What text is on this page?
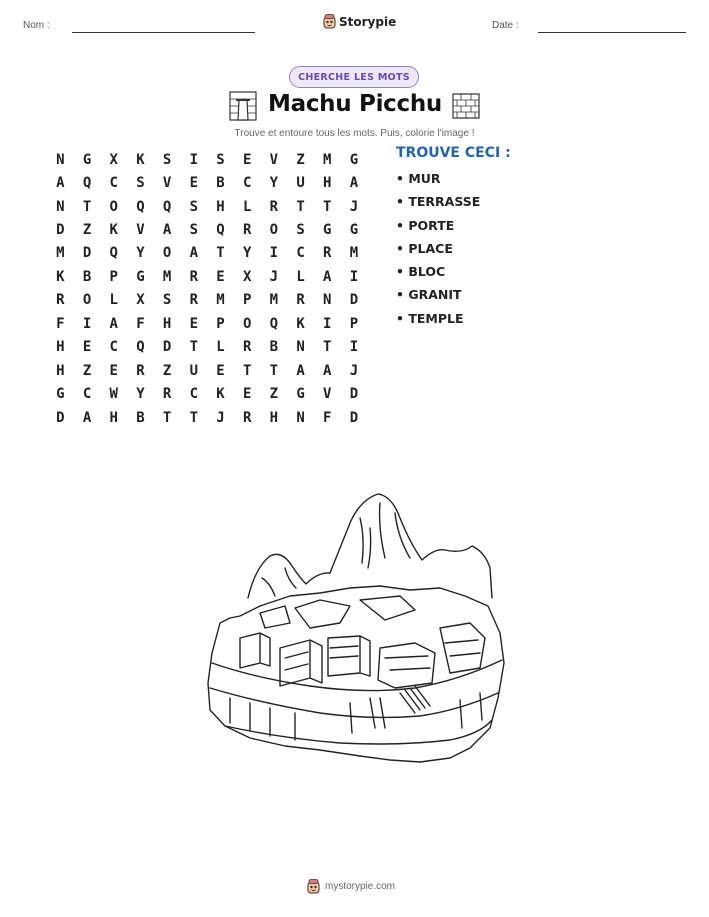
Nom :	Storypie	Date :
CHERCHE LES MOTS
Machu Picchu
Trouve et entoure tous les mots. Puis, colorie l'image !
N	G	X	K	S	I	S	E	V	Z	M	G
A	Q	C	S	V	E	B	C	Y	U	H	A
N	T	O	Q	Q	S	H	L	R	T	T	J
D	Z	K	V	A	S	Q	R	O	S	G	G
M	D	Q	Y	O	A	T	Y	I	C	R	M
K	B	P	G	M	R	E	X	J	L	A	I
R	O	L	X	S	R	M	P	M	R	N	D
F	I	A	F	H	E	P	O	Q	K	I	P
H	E	C	Q	D	T	L	R	B	N	T	I
H	Z	E	R	Z	U	E	T	T	A	A	J
G	C	W	Y	R	C	K	E	Z	G	V	D
D	A	H	B	T	T	J	R	H	N	F	D
TROUVE CECI :
• MUR
• TERRASSE
• PORTE
• PLACE
• BLOC
• GRANIT
• TEMPLE
mystorypie.com
